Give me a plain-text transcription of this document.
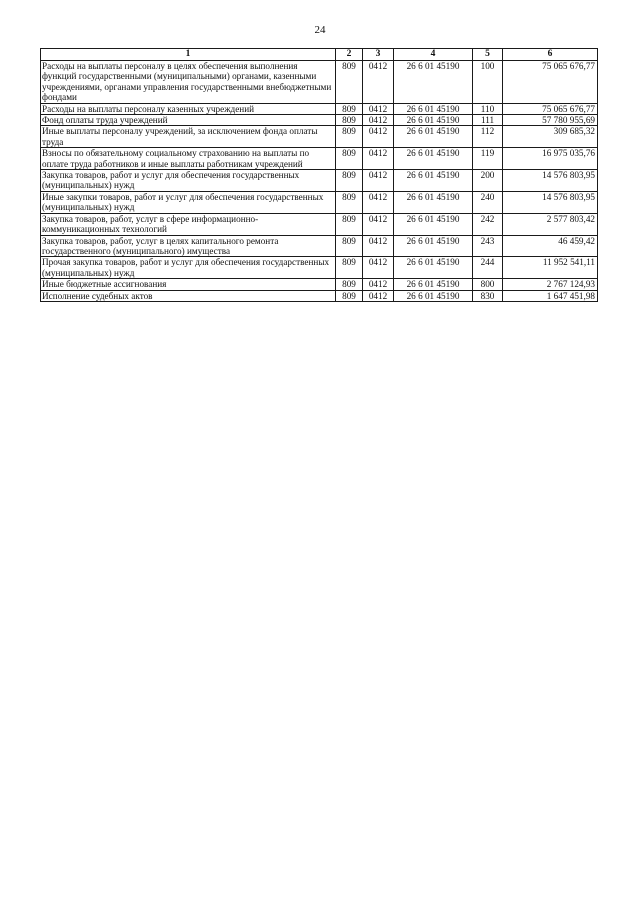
24
1	2	3	4	5	6
Расходы на выплаты персоналу в целях обеспечения выполнения функций государственными (муниципальными) органами, казенными учреждениями, органами управления государственными внебюджетными фондами	809	0412	26 6 01 45190	100	75 065 676,77
Расходы на выплаты персоналу казенных учреждений	809	0412	26 6 01 45190	110	75 065 676,77
Фонд оплаты труда учреждений	809	0412	26 6 01 45190	111	57 780 955,69
Иные выплаты персоналу учреждений, за исключением фонда оплаты труда	809	0412	26 6 01 45190	112	309 685,32
Взносы по обязательному социальному страхованию на выплаты по оплате труда работников и иные выплаты работникам учреждений	809	0412	26 6 01 45190	119	16 975 035,76
Закупка товаров, работ и услуг для обеспечения государственных (муниципальных) нужд	809	0412	26 6 01 45190	200	14 576 803,95
Иные закупки товаров, работ и услуг для обеспечения государственных (муниципальных) нужд	809	0412	26 6 01 45190	240	14 576 803,95
Закупка товаров, работ, услуг в сфере информационно-коммуникационных технологий	809	0412	26 6 01 45190	242	2 577 803,42
Закупка товаров, работ, услуг в целях капитального ремонта государственного (муниципального) имущества	809	0412	26 6 01 45190	243	46 459,42
Прочая закупка товаров, работ и услуг для обеспечения государственных (муниципальных) нужд	809	0412	26 6 01 45190	244	11 952 541,11
Иные бюджетные ассигнования	809	0412	26 6 01 45190	800	2 767 124,93
Исполнение судебных актов	809	0412	26 6 01 45190	830	1 647 451,98
